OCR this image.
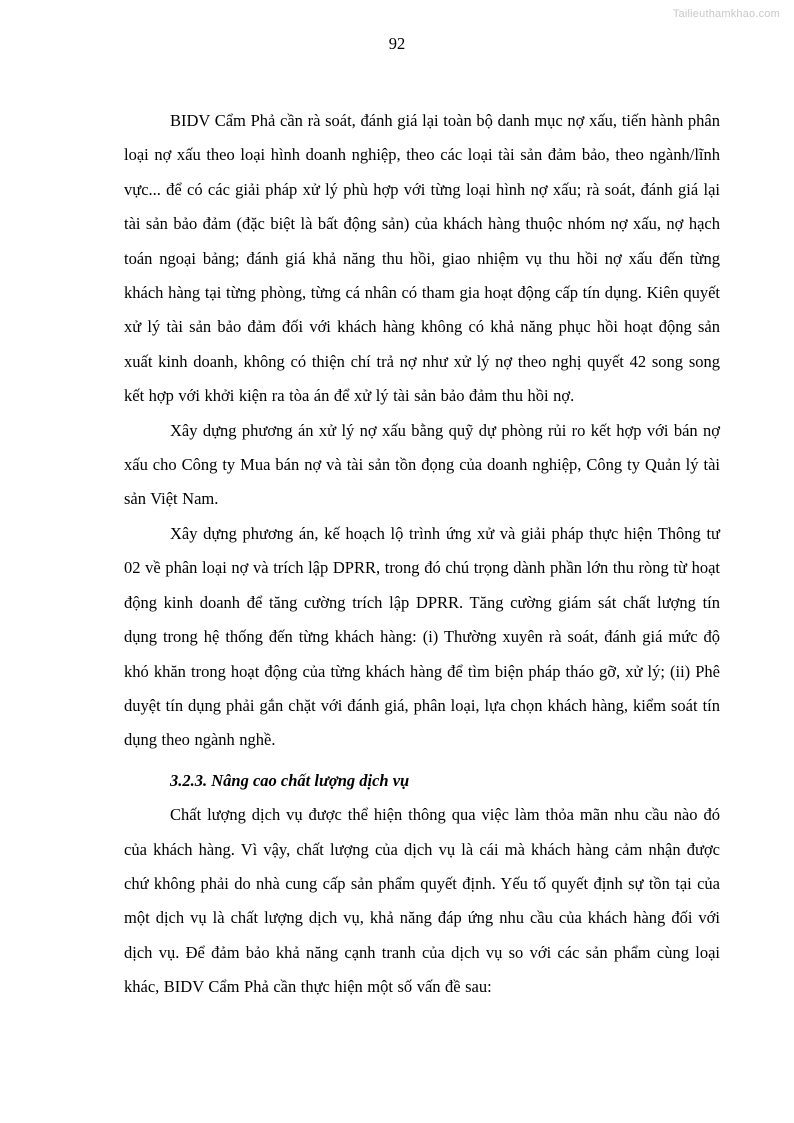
Tailieuthamkhao.com
92

BIDV Cẩm Phả cần rà soát, đánh giá lại toàn bộ danh mục nợ xấu, tiến hành phân loại nợ xấu theo loại hình doanh nghiệp, theo các loại tài sản đảm bảo, theo ngành/lĩnh vực... để có các giải pháp xử lý phù hợp với từng loại hình nợ xấu; rà soát, đánh giá lại tài sản bảo đảm (đặc biệt là bất động sản) của khách hàng thuộc nhóm nợ xấu, nợ hạch toán ngoại bảng; đánh giá khả năng thu hồi, giao nhiệm vụ thu hồi nợ xấu đến từng khách hàng tại từng phòng, từng cá nhân có tham gia hoạt động cấp tín dụng. Kiên quyết xử lý tài sản bảo đảm đối với khách hàng không có khả năng phục hồi hoạt động sản xuất kinh doanh, không có thiện chí trả nợ như xử lý nợ theo nghị quyết 42 song song kết hợp với khởi kiện ra tòa án để xử lý tài sản bảo đảm thu hồi nợ.

Xây dựng phương án xử lý nợ xấu bằng quỹ dự phòng rủi ro kết hợp với bán nợ xấu cho Công ty Mua bán nợ và tài sản tồn đọng của doanh nghiệp, Công ty Quản lý tài sản Việt Nam.

Xây dựng phương án, kế hoạch lộ trình ứng xử và giải pháp thực hiện Thông tư 02 về phân loại nợ và trích lập DPRR, trong đó chú trọng dành phần lớn thu ròng từ hoạt động kinh doanh để tăng cường trích lập DPRR. Tăng cường giám sát chất lượng tín dụng trong hệ thống đến từng khách hàng: (i) Thường xuyên rà soát, đánh giá mức độ khó khăn trong hoạt động của từng khách hàng để tìm biện pháp tháo gỡ, xử lý; (ii) Phê duyệt tín dụng phải gắn chặt với đánh giá, phân loại, lựa chọn khách hàng, kiểm soát tín dụng theo ngành nghề.

3.2.3. Nâng cao chất lượng dịch vụ

Chất lượng dịch vụ được thể hiện thông qua việc làm thỏa mãn nhu cầu nào đó của khách hàng. Vì vậy, chất lượng của dịch vụ là cái mà khách hàng cảm nhận được chứ không phải do nhà cung cấp sản phẩm quyết định. Yếu tố quyết định sự tồn tại của một dịch vụ là chất lượng dịch vụ, khả năng đáp ứng nhu cầu của khách hàng đối với dịch vụ. Để đảm bảo khả năng cạnh tranh của dịch vụ so với các sản phẩm cùng loại khác, BIDV Cẩm Phả cần thực hiện một số vấn đề sau:
